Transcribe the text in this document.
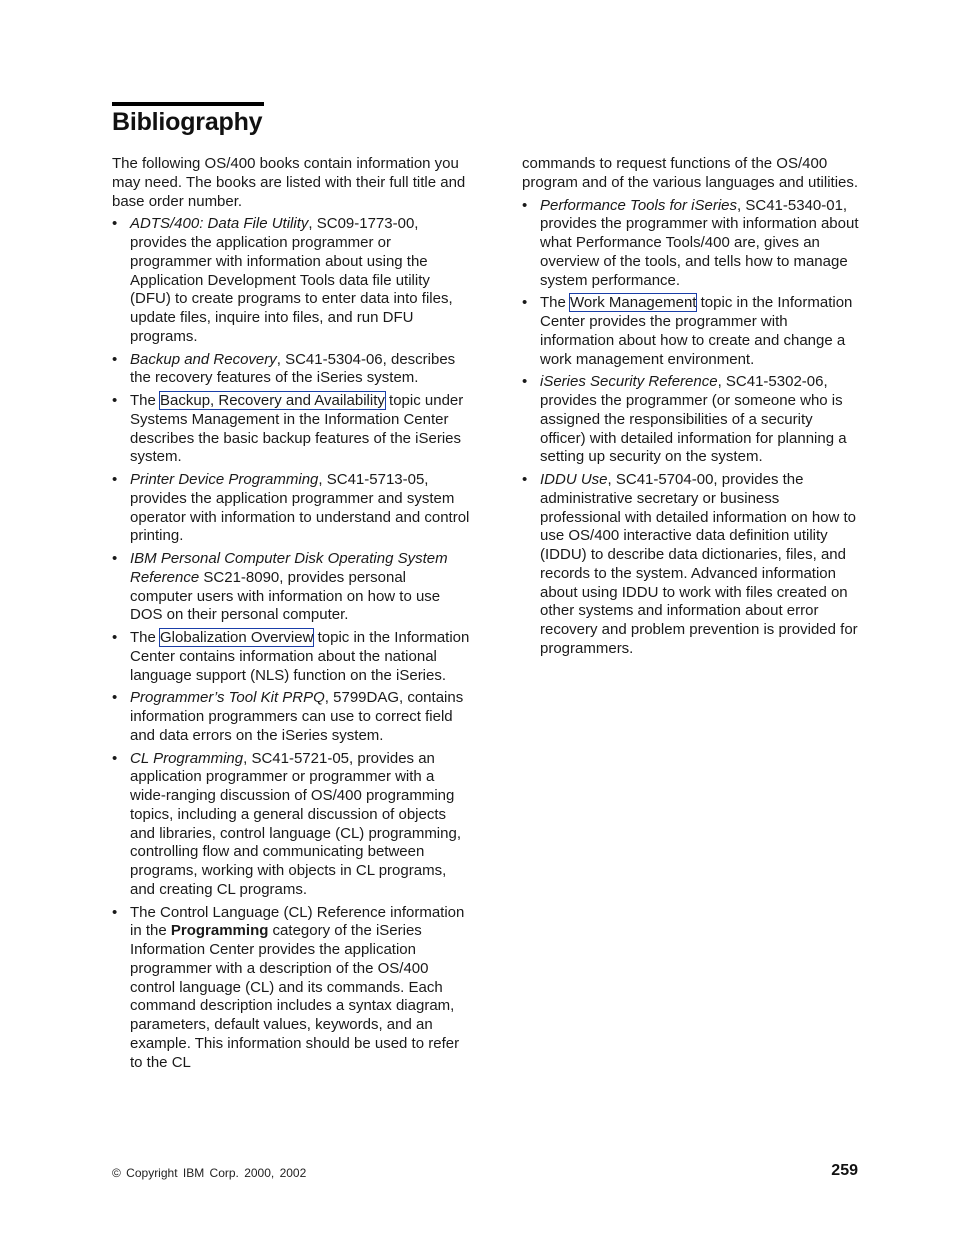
Bibliography

The following OS/400 books contain information you may need. The books are listed with their full title and base order number.

• ADTS/400: Data File Utility, SC09-1773-00, provides the application programmer or programmer with information about using the Application Development Tools data file utility (DFU) to create programs to enter data into files, update files, inquire into files, and run DFU programs.
• Backup and Recovery, SC41-5304-06, describes the recovery features of the iSeries system.
• The Backup, Recovery and Availability topic under Systems Management in the Information Center describes the basic backup features of the iSeries system.
• Printer Device Programming, SC41-5713-05, provides the application programmer and system operator with information to understand and control printing.
• IBM Personal Computer Disk Operating System Reference SC21-8090, provides personal computer users with information on how to use DOS on their personal computer.
• The Globalization Overview topic in the Information Center contains information about the national language support (NLS) function on the iSeries.
• Programmer’s Tool Kit PRPQ, 5799DAG, contains information programmers can use to correct field and data errors on the iSeries system.
• CL Programming, SC41-5721-05, provides an application programmer or programmer with a wide-ranging discussion of OS/400 programming topics, including a general discussion of objects and libraries, control language (CL) programming, controlling flow and communicating between programs, working with objects in CL programs, and creating CL programs.
• The Control Language (CL) Reference information in the Programming category of the iSeries Information Center provides the application programmer with a description of the OS/400 control language (CL) and its commands. Each command description includes a syntax diagram, parameters, default values, keywords, and an example. This information should be used to refer to the CL

commands to request functions of the OS/400 program and of the various languages and utilities.

• Performance Tools for iSeries, SC41-5340-01, provides the programmer with information about what Performance Tools/400 are, gives an overview of the tools, and tells how to manage system performance.
• The Work Management topic in the Information Center provides the programmer with information about how to create and change a work management environment.
• iSeries Security Reference, SC41-5302-06, provides the programmer (or someone who is assigned the responsibilities of a security officer) with detailed information for planning a setting up security on the system.
• IDDU Use, SC41-5704-00, provides the administrative secretary or business professional with detailed information on how to use OS/400 interactive data definition utility (IDDU) to describe data dictionaries, files, and records to the system. Advanced information about using IDDU to work with files created on other systems and information about error recovery and problem prevention is provided for programmers.
© Copyright IBM Corp. 2000, 2002	259
